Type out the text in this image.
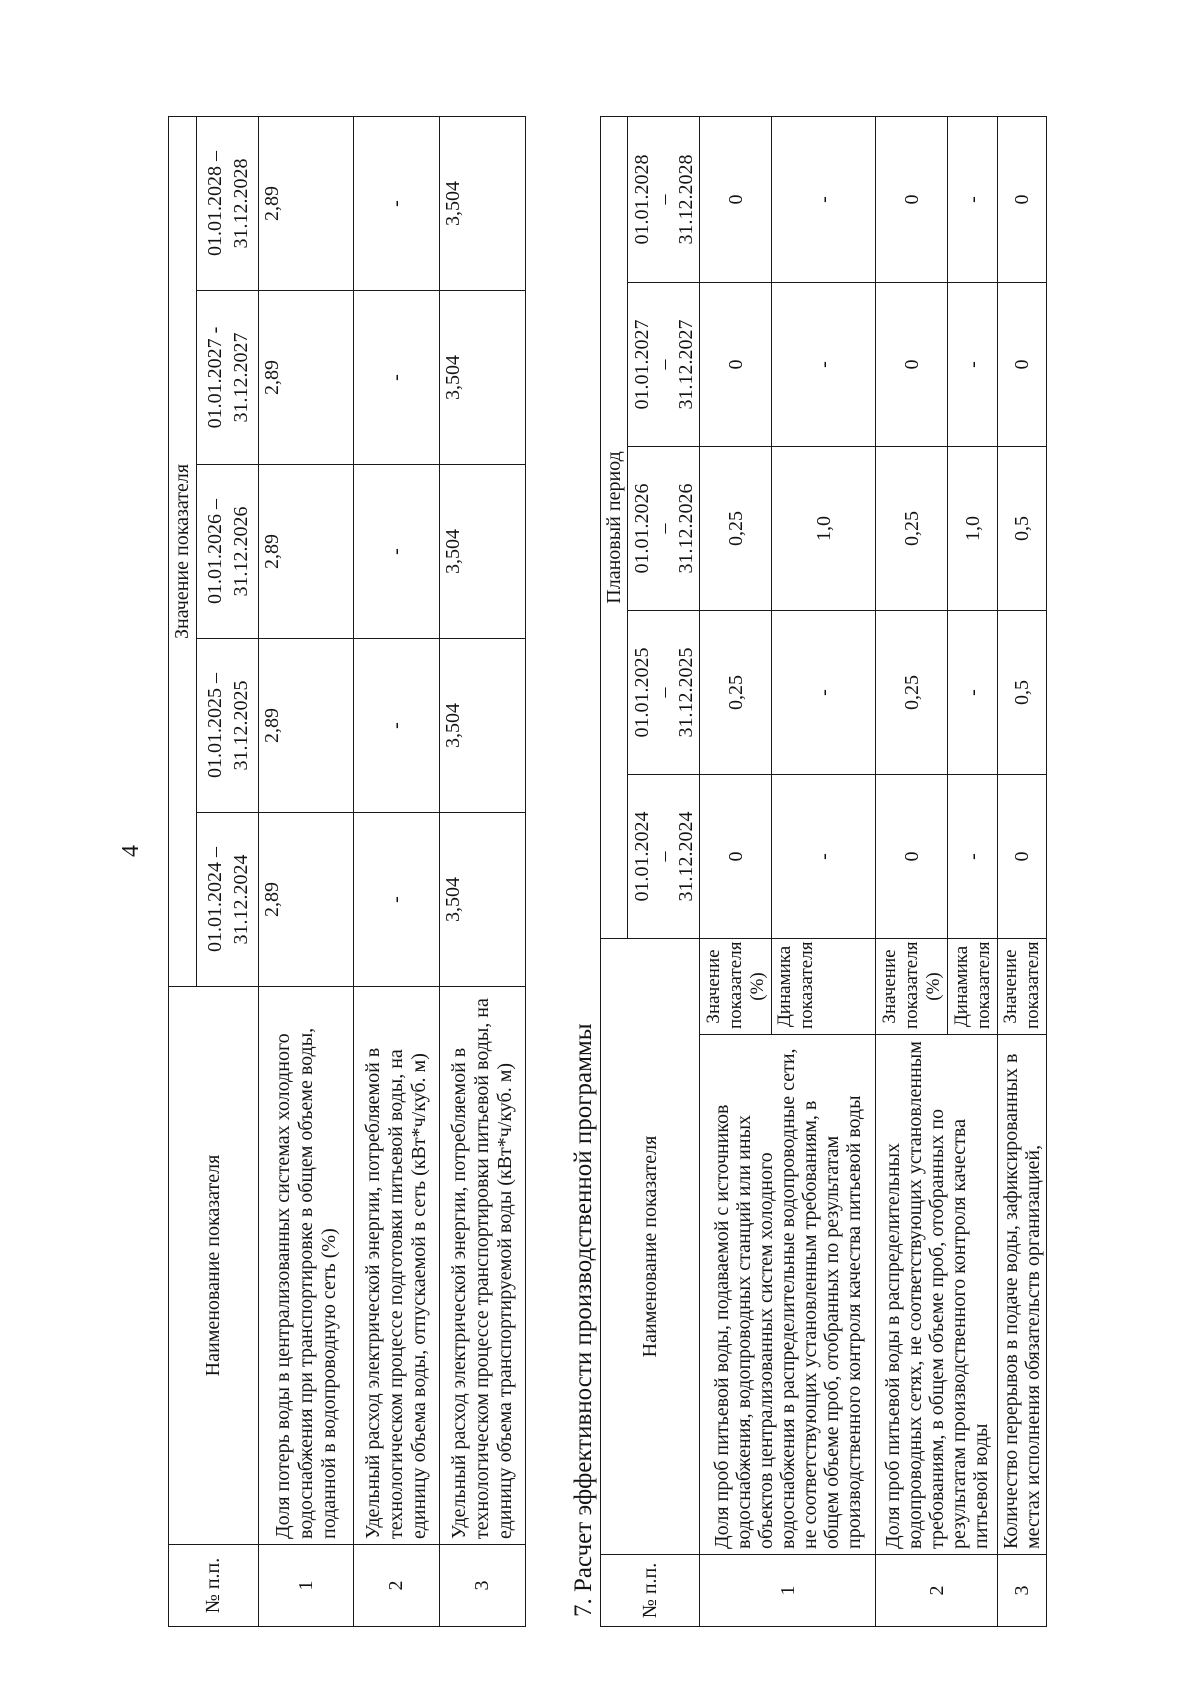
4
№ п.п.	Наименование показателя	Значение показателя				
		01.01.2024 – 31.12.2024	01.01.2025 – 31.12.2025	01.01.2026 – 31.12.2026	01.01.2027 - 31.12.2027	01.01.2028 – 31.12.2028
1	Доля потерь воды в централизованных системах холодного водоснабжения при транспортировке в общем объеме воды, поданной в водопроводную сеть (%)	2,89	2,89	2,89	2,89	2,89
2	Удельный расход электрической энергии, потребляемой в технологическом процессе подготовки питьевой воды, на единицу объема воды, отпускаемой в сеть (кВт*ч/куб. м)	-	-	-	-	-
3	Удельный расход электрической энергии, потребляемой в технологическом процессе транспортировки питьевой воды, на единицу объема транспортируемой воды (кВт*ч/куб. м)	3,504	3,504	3,504	3,504	3,504
7. Расчет эффективности производственной программы № п.п.	Наименование показателя		Плановый период				
			01.01.2024
–
31.12.2024	01.01.2025
–
31.12.2025	01.01.2026
–
31.12.2026	01.01.2027
–
31.12.2027	01.01.2028
–
31.12.2028
1	Доля проб питьевой воды, подаваемой с источников водоснабжения, водопроводных станций или иных объектов централизованных систем холодного водоснабжения в распределительные водопроводные сети, не соответствующих установленным требованиям, в общем объеме проб, отобранных по результатам производственного контроля качества питьевой воды	Значение показателя (%)	0	0,25	0,25	0	0
		Динамика показателя	-	-	1,0	-	-
2	Доля проб питьевой воды в распределительных водопроводных сетях, не соответствующих установленным требованиям, в общем объеме проб, отобранных по результатам производственного контроля качества питьевой воды	Значение показателя (%)	0	0,25	0,25	0	0
		Динамика показателя	-	-	1,0	-	-
3	Количество перерывов в подаче воды, зафиксированных в местах исполнения обязательств организацией,	Значение показателя	0	0,5	0,5	0	0
